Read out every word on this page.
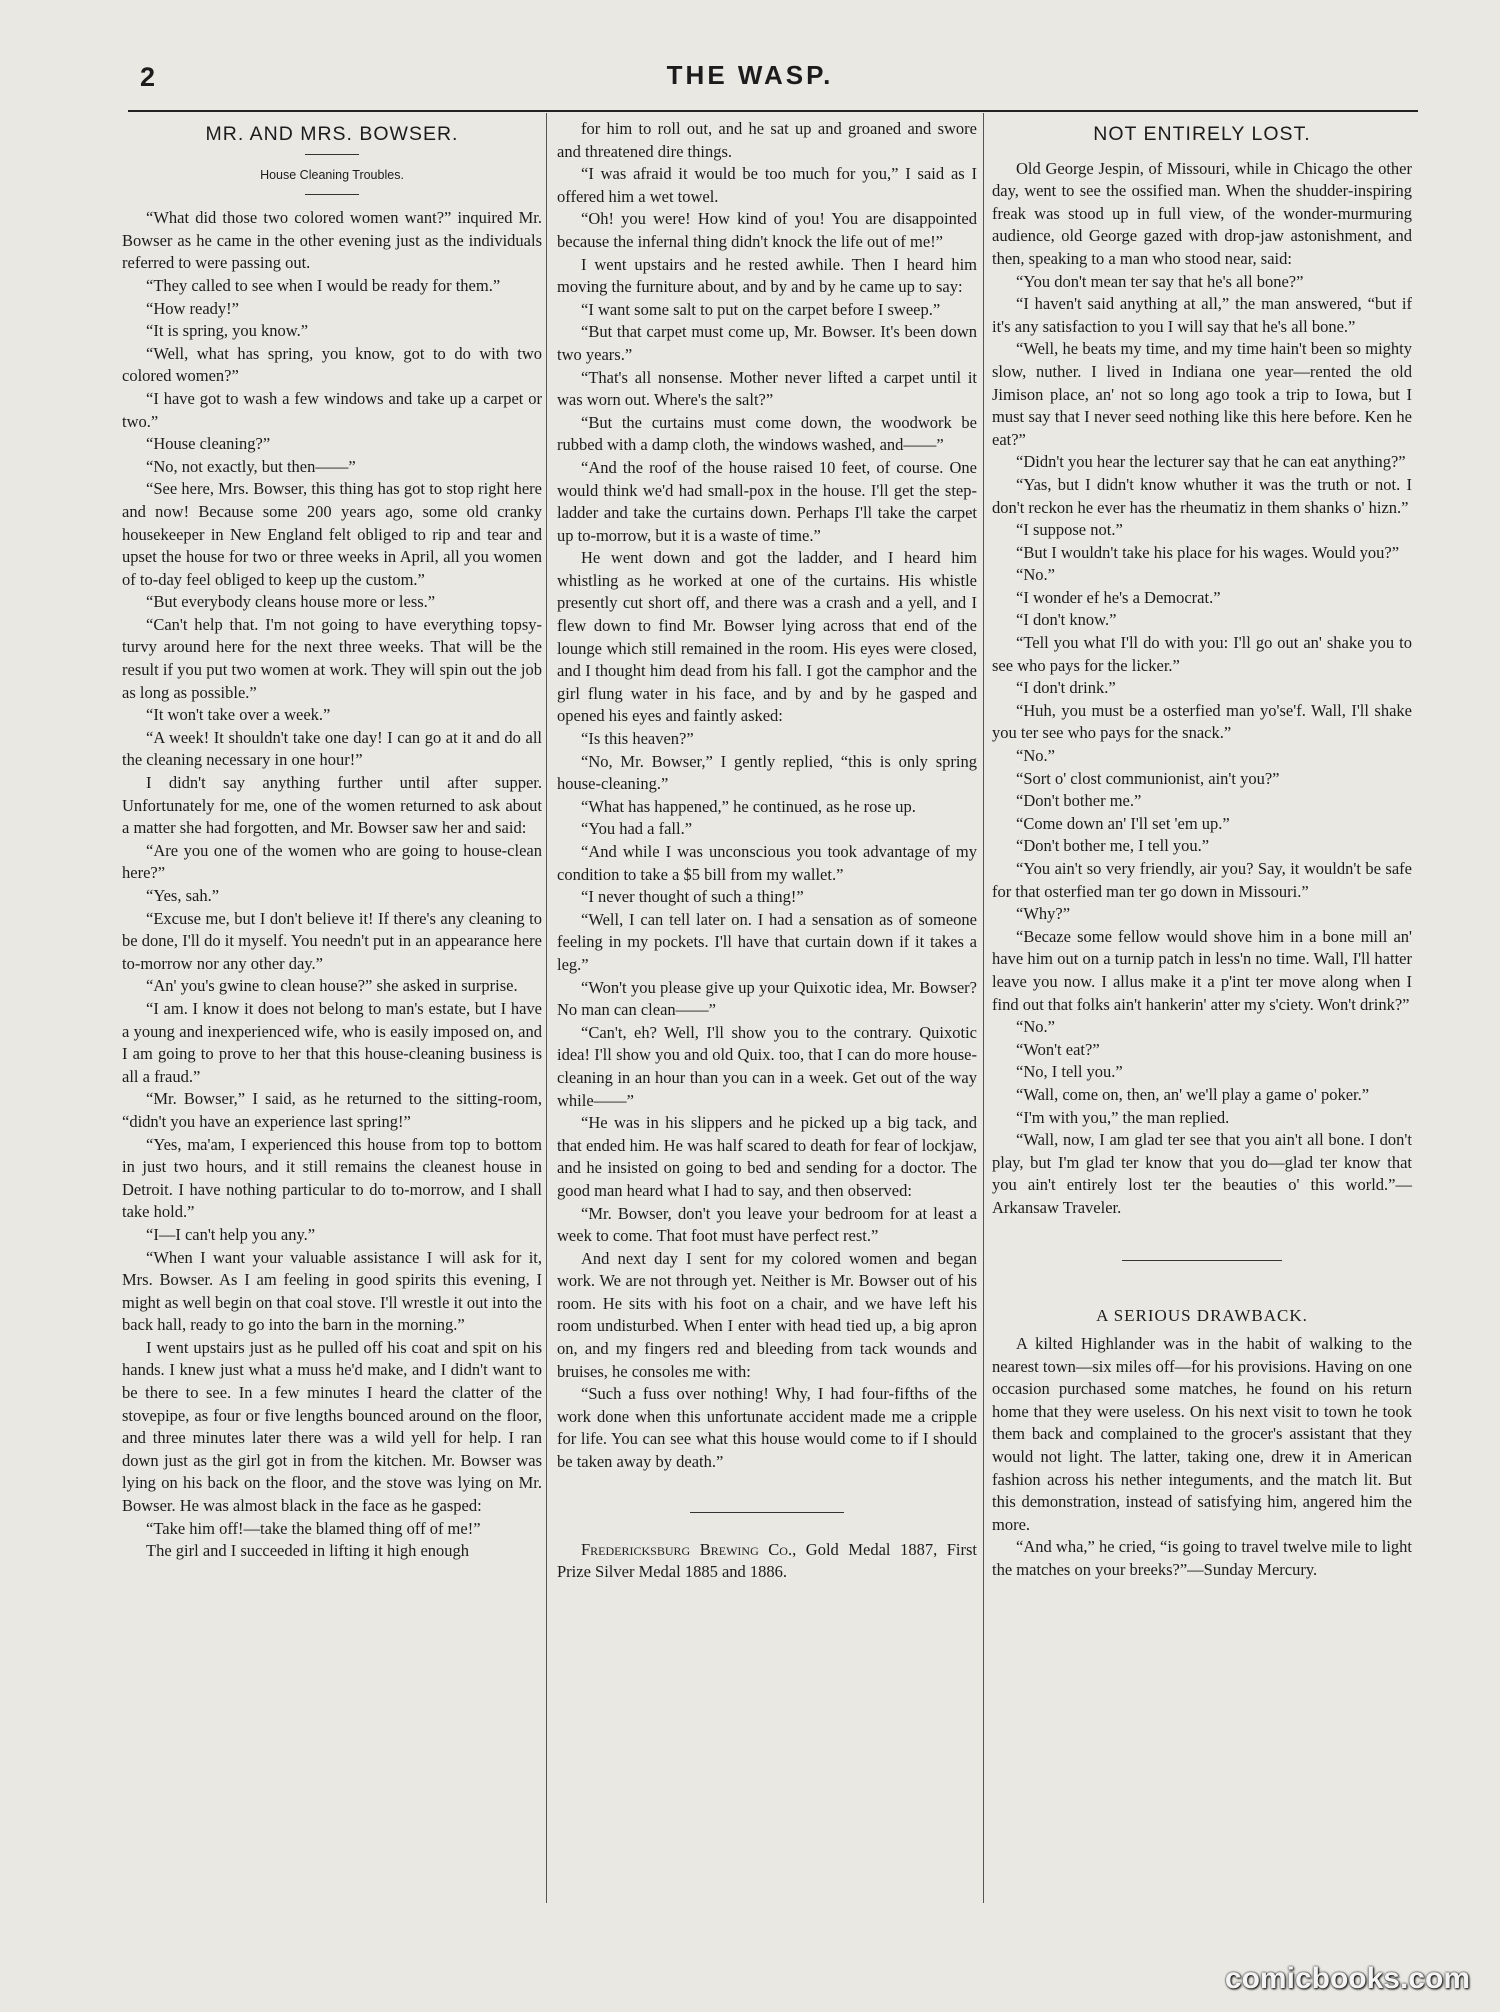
2	THE WASP.
MR. AND MRS. BOWSER.
House Cleaning Troubles.

“What did those two colored women want?” inquired Mr. Bowser as he came in the other evening just as the individuals referred to were passing out.

“They called to see when I would be ready for them.”

“How ready!”

“It is spring, you know.”

“Well, what has spring, you know, got to do with two colored women?”

“I have got to wash a few windows and take up a carpet or two.”

“House cleaning?”

“No, not exactly, but then——”

“See here, Mrs. Bowser, this thing has got to stop right here and now! Because some 200 years ago, some old cranky housekeeper in New England felt obliged to rip and tear and upset the house for two or three weeks in April, all you women of to-day feel obliged to keep up the custom.”

“But everybody cleans house more or less.”

“Can't help that. I'm not going to have everything topsy-turvy around here for the next three weeks. That will be the result if you put two women at work. They will spin out the job as long as possible.”

“It won't take over a week.”

“A week! It shouldn't take one day! I can go at it and do all the cleaning necessary in one hour!”

I didn't say anything further until after supper. Unfortunately for me, one of the women returned to ask about a matter she had forgotten, and Mr. Bowser saw her and said:

“Are you one of the women who are going to house-clean here?”

“Yes, sah.”

“Excuse me, but I don't believe it! If there's any cleaning to be done, I'll do it myself. You needn't put in an appearance here to-morrow nor any other day.”

“An' you's gwine to clean house?” she asked in surprise.

“I am. I know it does not belong to man's estate, but I have a young and inexperienced wife, who is easily imposed on, and I am going to prove to her that this house-cleaning business is all a fraud.”

“Mr. Bowser,” I said, as he returned to the sitting-room, “didn't you have an experience last spring!”

“Yes, ma'am, I experienced this house from top to bottom in just two hours, and it still remains the cleanest house in Detroit. I have nothing particular to do to-morrow, and I shall take hold.”

“I—I can't help you any.”

“When I want your valuable assistance I will ask for it, Mrs. Bowser. As I am feeling in good spirits this evening, I might as well begin on that coal stove. I'll wrestle it out into the back hall, ready to go into the barn in the morning.”

I went upstairs just as he pulled off his coat and spit on his hands. I knew just what a muss he'd make, and I didn't want to be there to see. In a few minutes I heard the clatter of the stovepipe, as four or five lengths bounced around on the floor, and three minutes later there was a wild yell for help. I ran down just as the girl got in from the kitchen. Mr. Bowser was lying on his back on the floor, and the stove was lying on Mr. Bowser. He was almost black in the face as he gasped:

“Take him off!—take the blamed thing off of me!”

The girl and I succeeded in lifting it high enough

for him to roll out, and he sat up and groaned and swore and threatened dire things.

“I was afraid it would be too much for you,” I said as I offered him a wet towel.

“Oh! you were! How kind of you! You are disappointed because the infernal thing didn't knock the life out of me!”

I went upstairs and he rested awhile. Then I heard him moving the furniture about, and by and by he came up to say:

“I want some salt to put on the carpet before I sweep.”

“But that carpet must come up, Mr. Bowser. It's been down two years.”

“That's all nonsense. Mother never lifted a carpet until it was worn out. Where's the salt?”

“But the curtains must come down, the woodwork be rubbed with a damp cloth, the windows washed, and——”

“And the roof of the house raised 10 feet, of course. One would think we'd had small-pox in the house. I'll get the step-ladder and take the curtains down. Perhaps I'll take the carpet up to-morrow, but it is a waste of time.”

He went down and got the ladder, and I heard him whistling as he worked at one of the curtains. His whistle presently cut short off, and there was a crash and a yell, and I flew down to find Mr. Bowser lying across that end of the lounge which still remained in the room. His eyes were closed, and I thought him dead from his fall. I got the camphor and the girl flung water in his face, and by and by he gasped and opened his eyes and faintly asked:

“Is this heaven?”

“No, Mr. Bowser,” I gently replied, “this is only spring house-cleaning.”

“What has happened,” he continued, as he rose up.

“You had a fall.”

“And while I was unconscious you took advantage of my condition to take a $5 bill from my wallet.”

“I never thought of such a thing!”

“Well, I can tell later on. I had a sensation as of someone feeling in my pockets. I'll have that curtain down if it takes a leg.”

“Won't you please give up your Quixotic idea, Mr. Bowser? No man can clean——”

“Can't, eh? Well, I'll show you to the contrary. Quixotic idea! I'll show you and old Quix. too, that I can do more house-cleaning in an hour than you can in a week. Get out of the way while——”

“He was in his slippers and he picked up a big tack, and that ended him. He was half scared to death for fear of lockjaw, and he insisted on going to bed and sending for a doctor. The good man heard what I had to say, and then observed:

“Mr. Bowser, don't you leave your bedroom for at least a week to come. That foot must have perfect rest.”

And next day I sent for my colored women and began work. We are not through yet. Neither is Mr. Bowser out of his room. He sits with his foot on a chair, and we have left his room undisturbed. When I enter with head tied up, a big apron on, and my fingers red and bleeding from tack wounds and bruises, he consoles me with:

“Such a fuss over nothing! Why, I had four-fifths of the work done when this unfortunate accident made me a cripple for life. You can see what this house would come to if I should be taken away by death.”

Fredericksburg Brewing Co., Gold Medal 1887, First Prize Silver Medal 1885 and 1886.

NOT ENTIRELY LOST.

Old George Jespin, of Missouri, while in Chicago the other day, went to see the ossified man. When the shudder-inspiring freak was stood up in full view, of the wonder-murmuring audience, old George gazed with drop-jaw astonishment, and then, speaking to a man who stood near, said:

“You don't mean ter say that he's all bone?”

“I haven't said anything at all,” the man answered, “but if it's any satisfaction to you I will say that he's all bone.”

“Well, he beats my time, and my time hain't been so mighty slow, nuther. I lived in Indiana one year—rented the old Jimison place, an' not so long ago took a trip to Iowa, but I must say that I never seed nothing like this here before. Ken he eat?”

“Didn't you hear the lecturer say that he can eat anything?”

“Yas, but I didn't know whuther it was the truth or not. I don't reckon he ever has the rheumatiz in them shanks o' hizn.”

“I suppose not.”

“But I wouldn't take his place for his wages. Would you?”

“No.”

“I wonder ef he's a Democrat.”

“I don't know.”

“Tell you what I'll do with you: I'll go out an' shake you to see who pays for the licker.”

“I don't drink.”

“Huh, you must be a osterfied man yo'se'f. Wall, I'll shake you ter see who pays for the snack.”

“No.”

“Sort o' clost communionist, ain't you?”

“Don't bother me.”

“Come down an' I'll set 'em up.”

“Don't bother me, I tell you.”

“You ain't so very friendly, air you? Say, it wouldn't be safe for that osterfied man ter go down in Missouri.”

“Why?”

“Becaze some fellow would shove him in a bone mill an' have him out on a turnip patch in less'n no time. Wall, I'll hatter leave you now. I allus make it a p'int ter move along when I find out that folks ain't hankerin' atter my s'ciety. Won't drink?”

“No.”

“Won't eat?”

“No, I tell you.”

“Wall, come on, then, an' we'll play a game o' poker.”

“I'm with you,” the man replied.

“Wall, now, I am glad ter see that you ain't all bone. I don't play, but I'm glad ter know that you do—glad ter know that you ain't entirely lost ter the beauties o' this world.”—Arkansaw Traveler.

A SERIOUS DRAWBACK.

A kilted Highlander was in the habit of walking to the nearest town—six miles off—for his provisions. Having on one occasion purchased some matches, he found on his return home that they were useless. On his next visit to town he took them back and complained to the grocer's assistant that they would not light. The latter, taking one, drew it in American fashion across his nether integuments, and the match lit. But this demonstration, instead of satisfying him, angered him the more.

“And wha,” he cried, “is going to travel twelve mile to light the matches on your breeks?”—Sunday Mercury.

comicbooks.com
